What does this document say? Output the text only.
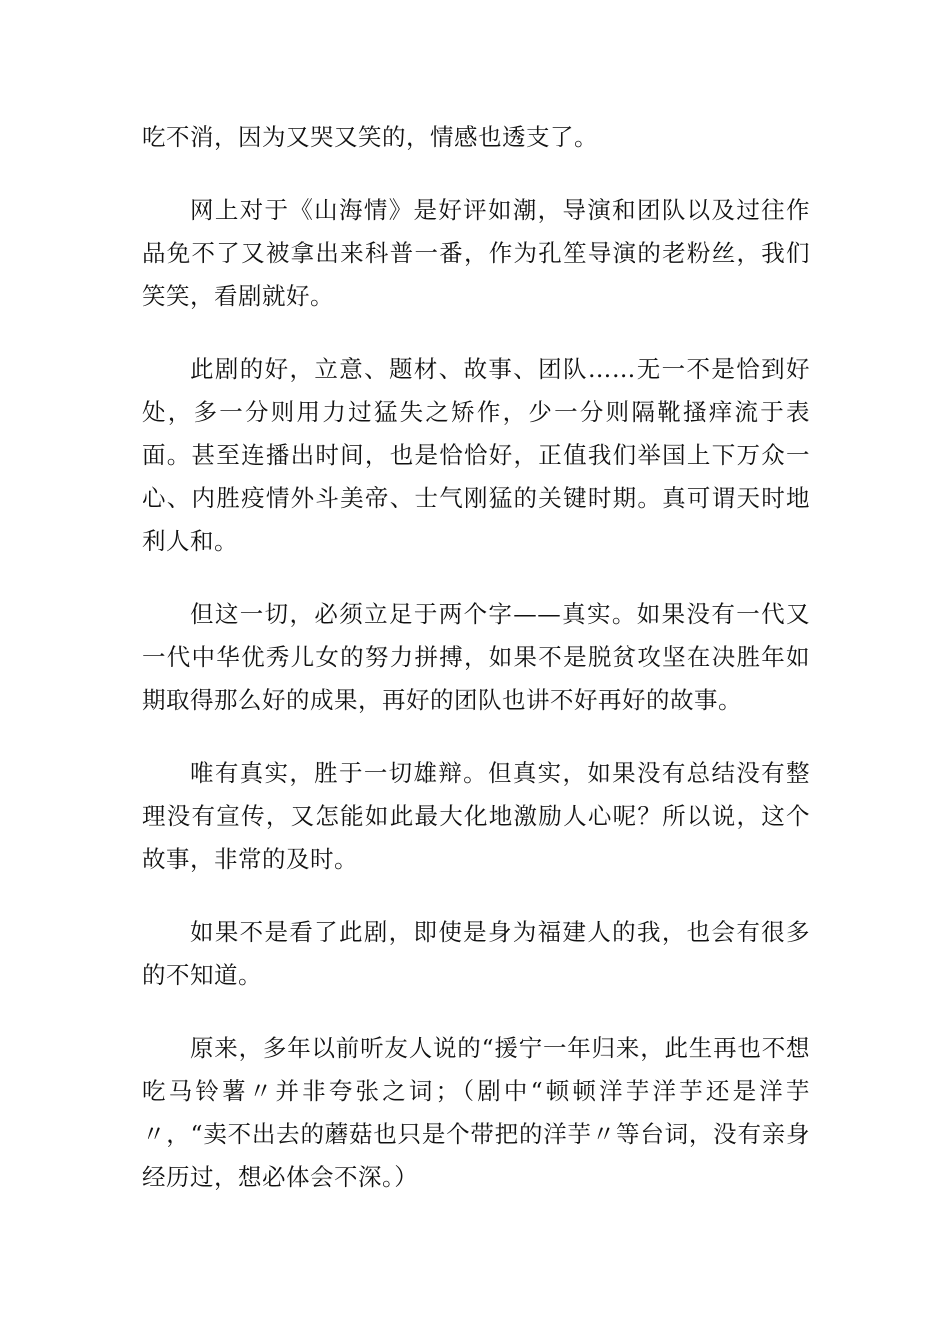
吃不消，因为又哭又笑的，情感也透支了。

网上对于《山海情》是好评如潮，导演和团队以及过往作品免不了又被拿出来科普一番，作为孔笙导演的老粉丝，我们笑笑，看剧就好。

此剧的好，立意、题材、故事、团队……无一不是恰到好处，多一分则用力过猛失之矫作，少一分则隔靴搔痒流于表面。甚至连播出时间，也是恰恰好，正值我们举国上下万众一心、内胜疫情外斗美帝、士气刚猛的关键时期。真可谓天时地利人和。

但这一切，必须立足于两个字——真实。如果没有一代又一代中华优秀儿女的努力拼搏，如果不是脱贫攻坚在决胜年如期取得那么好的成果，再好的团队也讲不好再好的故事。

唯有真实，胜于一切雄辩。但真实，如果没有总结没有整理没有宣传，又怎能如此最大化地激励人心呢？所以说，这个故事，非常的及时。

如果不是看了此剧，即使是身为福建人的我，也会有很多的不知道。

原来，多年以前听友人说的“援宁一年归来，此生再也不想吃马铃薯〃并非夸张之词；（剧中“顿顿洋芋洋芋还是洋芋〃，“卖不出去的蘑菇也只是个带把的洋芋〃等台词，没有亲身经历过，想必体会不深。）
